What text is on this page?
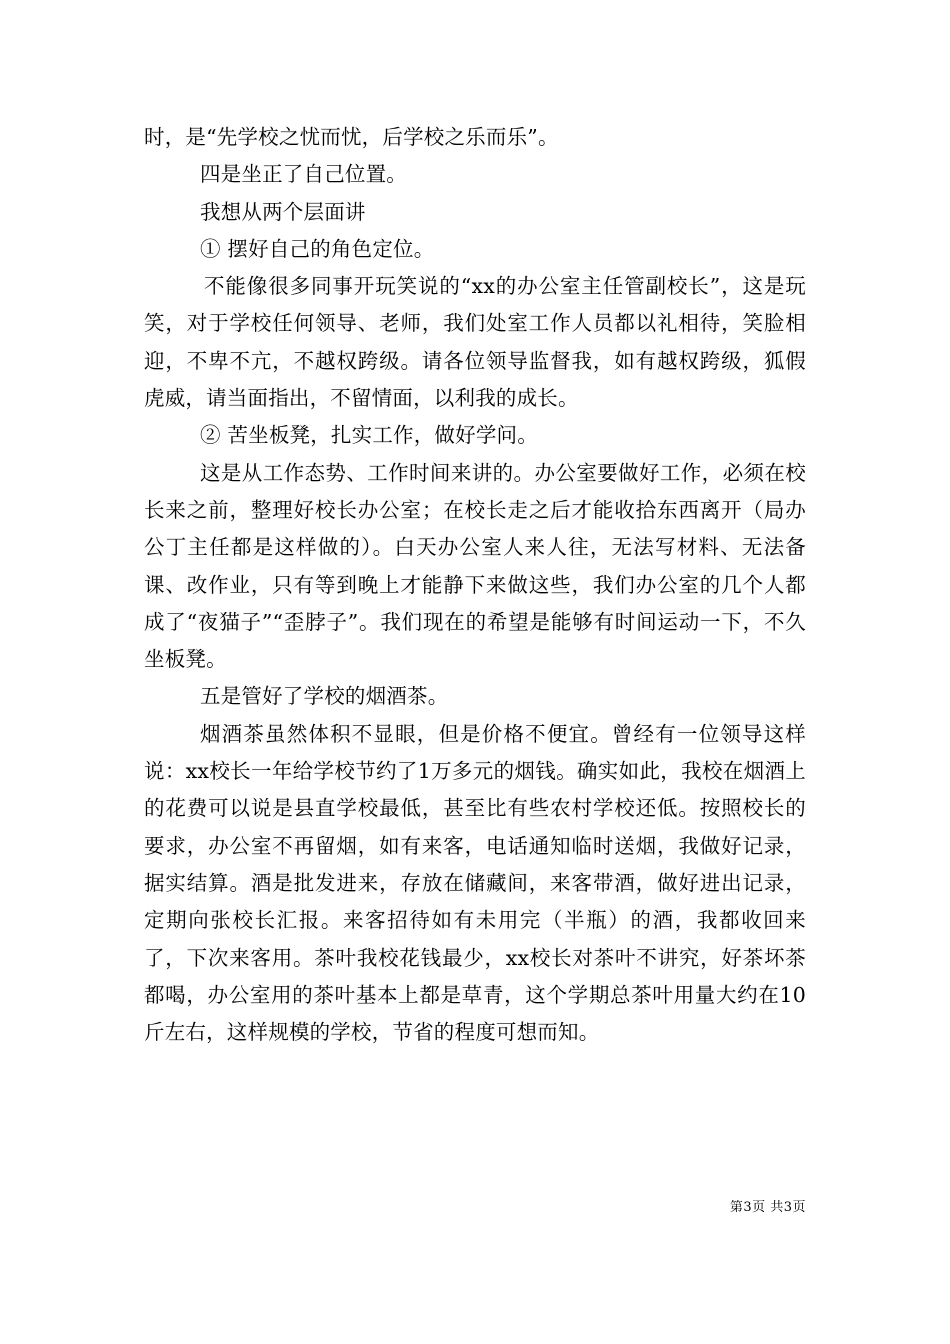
时，是“先学校之忧而忧，后学校之乐而乐”。

四是坐正了自己位置。

我想从两个层面讲

① 摆好自己的角色定位。

不能像很多同事开玩笑说的“xx的办公室主任管副校长”，这是玩笑，对于学校任何领导、老师，我们处室工作人员都以礼相待，笑脸相迎，不卑不亢，不越权跨级。请各位领导监督我，如有越权跨级，狐假虎威，请当面指出，不留情面，以利我的成长。

② 苦坐板凳，扎实工作，做好学问。

这是从工作态势、工作时间来讲的。办公室要做好工作，必须在校长来之前，整理好校长办公室；在校长走之后才能收拾东西离开（局办公丁主任都是这样做的）。白天办公室人来人往，无法写材料、无法备课、改作业，只有等到晚上才能静下来做这些，我们办公室的几个人都成了“夜猫子”“歪脖子”。我们现在的希望是能够有时间运动一下，不久坐板凳。

五是管好了学校的烟酒茶。

烟酒茶虽然体积不显眼，但是价格不便宜。曾经有一位领导这样说：xx校长一年给学校节约了1万多元的烟钱。确实如此，我校在烟酒上的花费可以说是县直学校最低，甚至比有些农村学校还低。按照校长的要求，办公室不再留烟，如有来客，电话通知临时送烟，我做好记录，据实结算。酒是批发进来，存放在储藏间，来客带酒，做好进出记录，定期向张校长汇报。来客招待如有未用完（半瓶）的酒，我都收回来了，下次来客用。茶叶我校花钱最少，xx校长对茶叶不讲究，好茶坏茶都喝，办公室用的茶叶基本上都是草青，这个学期总茶叶用量大约在10斤左右，这样规模的学校，节省的程度可想而知。

第3页 共3页
